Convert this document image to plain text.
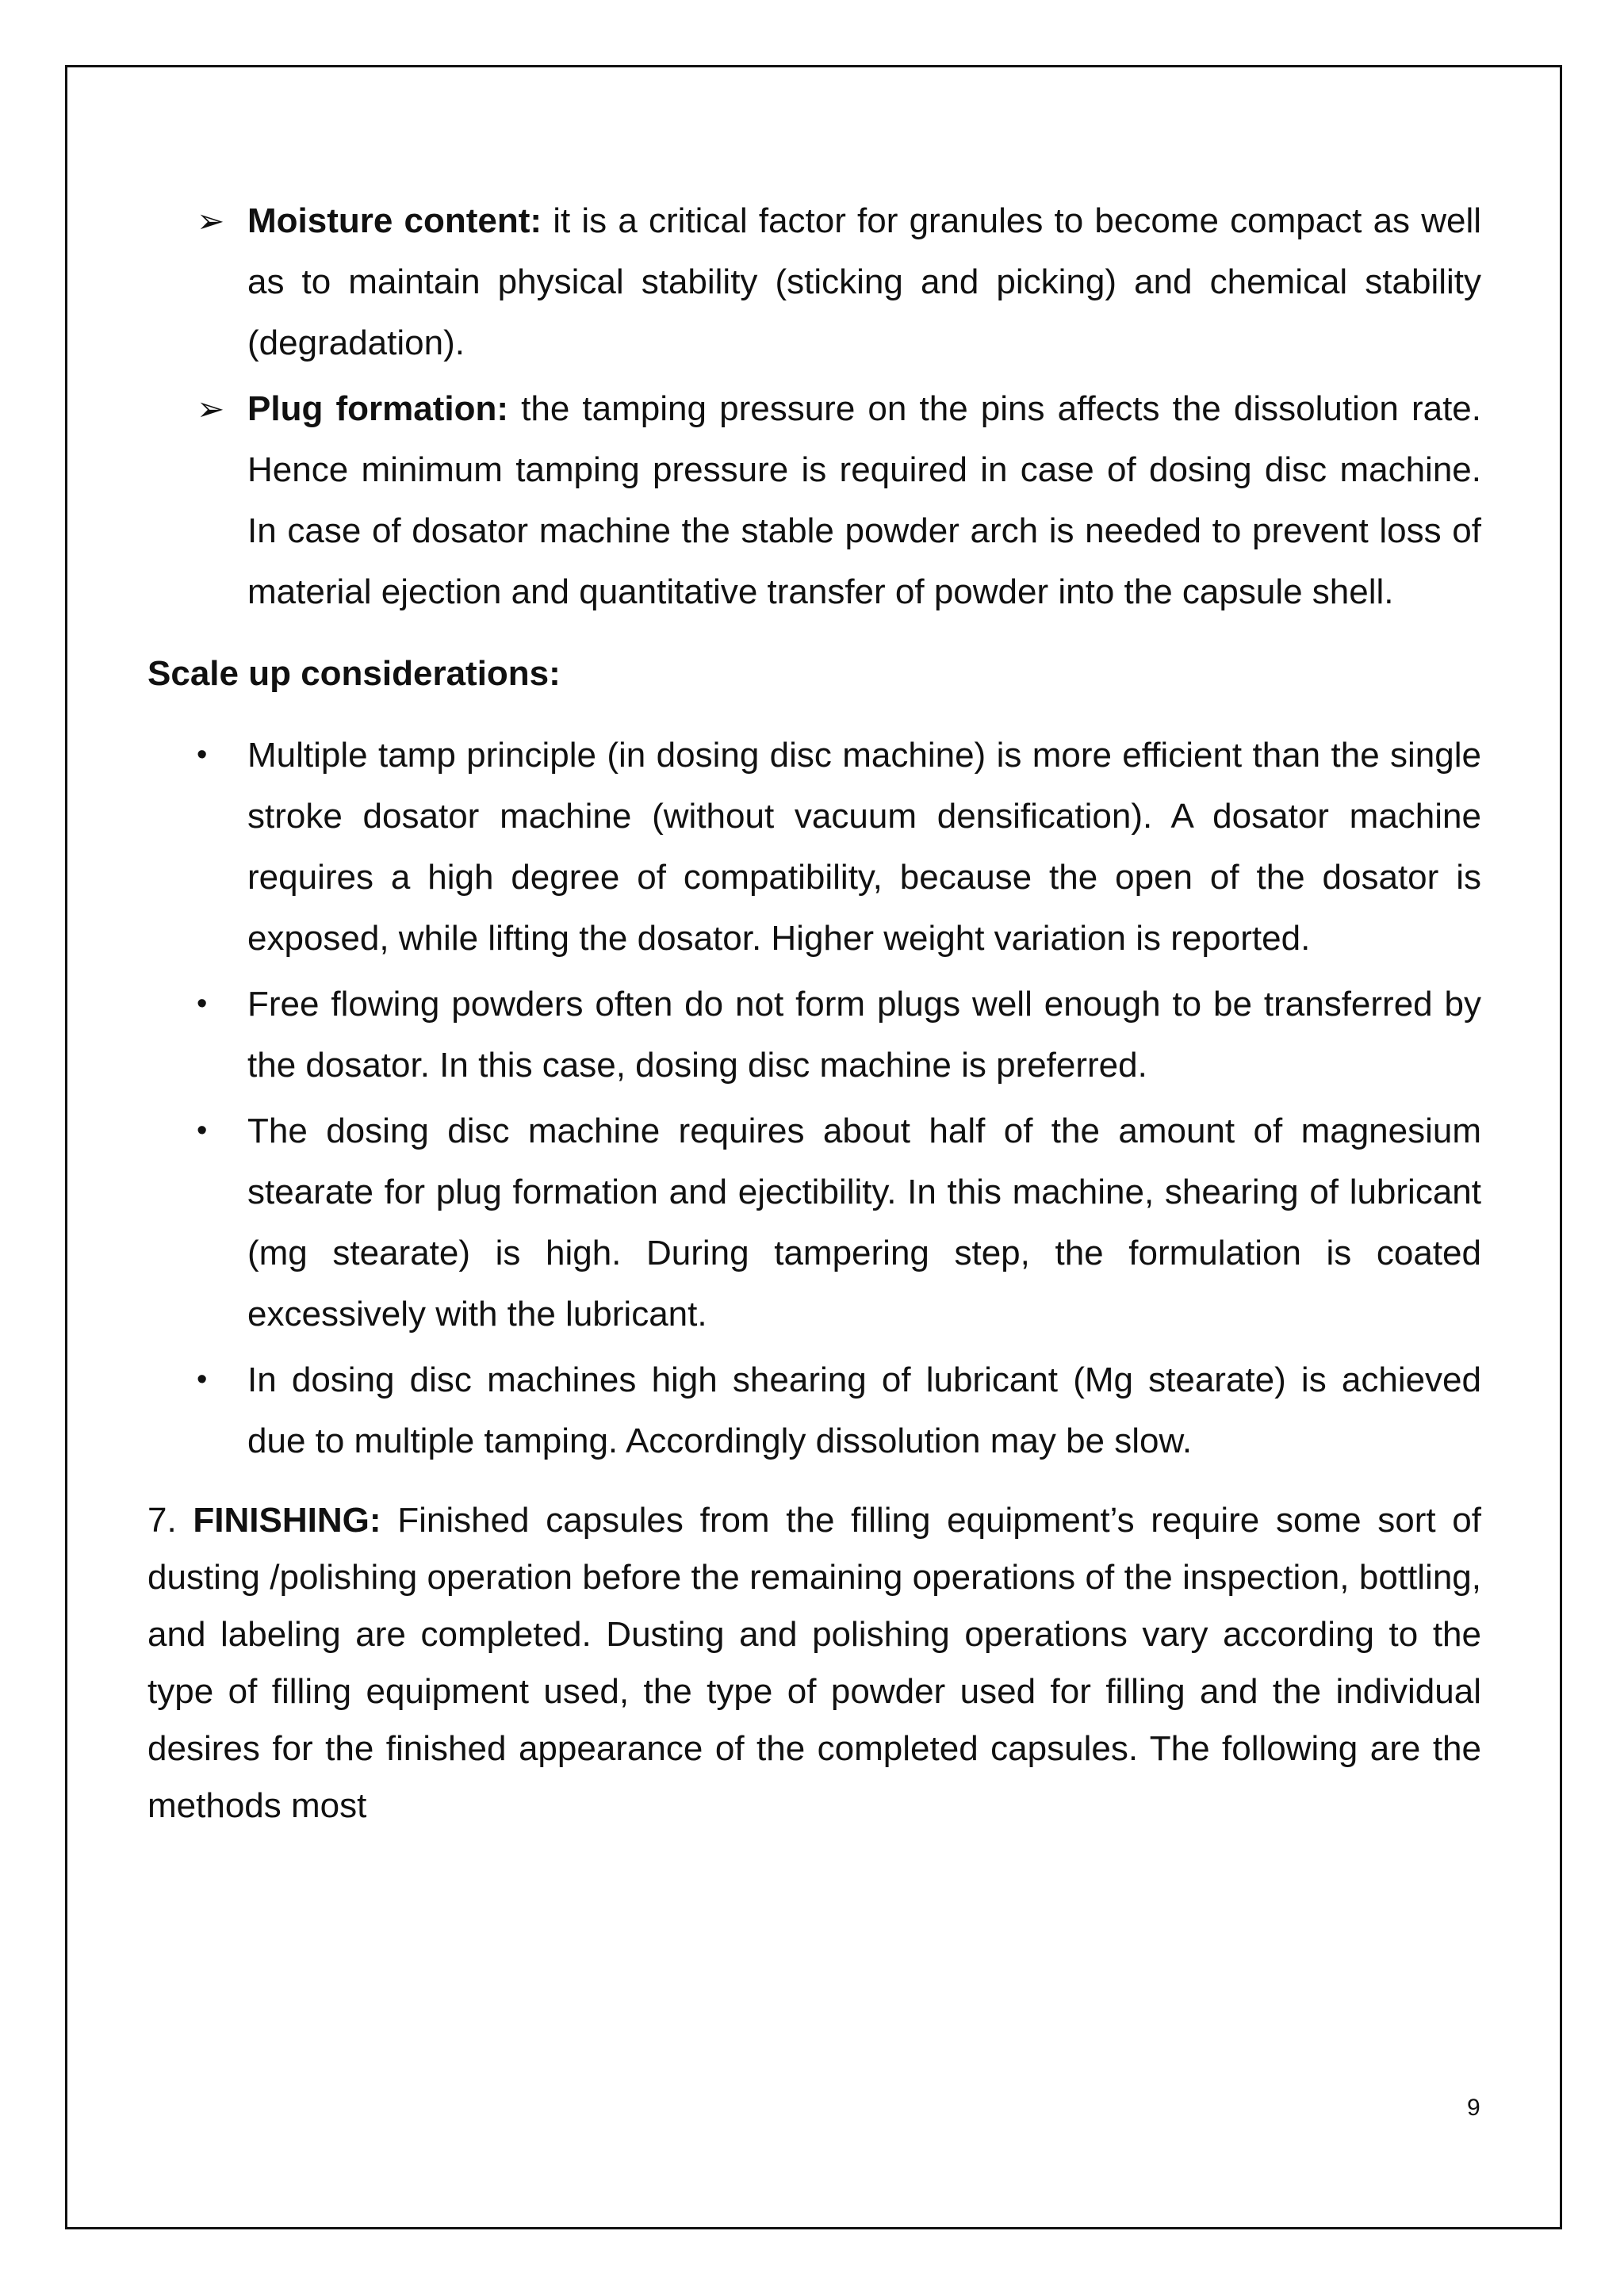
➢ Moisture content: it is a critical factor for granules to become compact as well as to maintain physical stability (sticking and picking) and chemical stability (degradation).
➢ Plug formation: the tamping pressure on the pins affects the dissolution rate. Hence minimum tamping pressure is required in case of dosing disc machine. In case of dosator machine the stable powder arch is needed to prevent loss of material ejection and quantitative transfer of powder into the capsule shell.
Scale up considerations:
•	Multiple tamp principle (in dosing disc machine) is more efficient than the single stroke dosator machine (without vacuum densification). A dosator machine requires a high degree of compatibility, because the open of the dosator is exposed, while lifting the dosator. Higher weight variation is reported.
•	Free flowing powders often do not form plugs well enough to be transferred by the dosator. In this case, dosing disc machine is preferred.
•	The dosing disc machine requires about half of the amount of magnesium stearate for plug formation and ejectibility. In this machine, shearing of lubricant (mg stearate) is high. During tampering step, the formulation is coated excessively with the lubricant.
•	In dosing disc machines high shearing of lubricant (Mg stearate) is achieved due to multiple tamping. Accordingly dissolution may be slow.
7. FINISHING: Finished capsules from the filling equipment’s require some sort of dusting /polishing operation before the remaining operations of the inspection, bottling, and labeling are completed. Dusting and polishing operations vary according to the type of filling equipment used, the type of powder used for filling and the individual desires for the finished appearance of the completed capsules. The following are the methods most
9
